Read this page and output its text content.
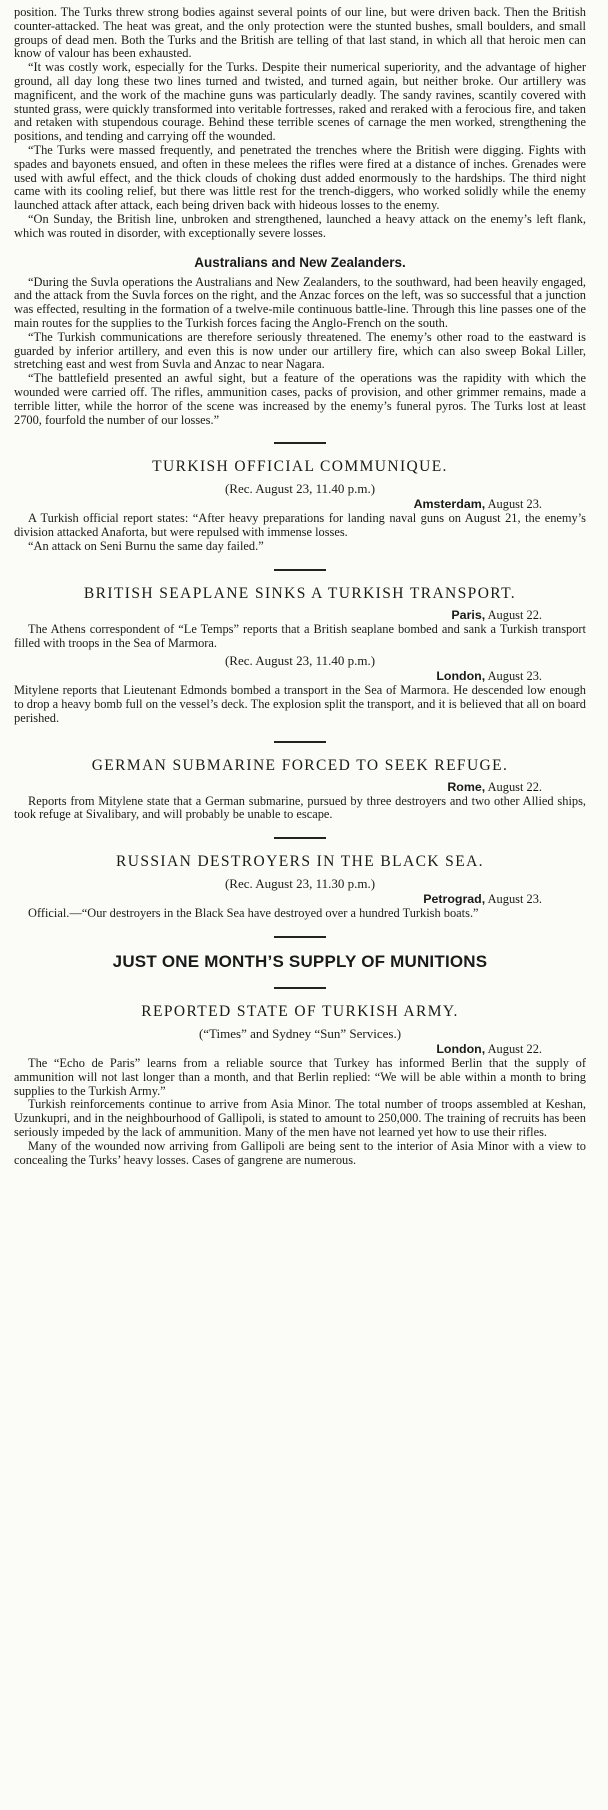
position. The Turks threw strong bodies against several points of our line, but were driven back. Then the British counter-attacked. The heat was great, and the only protection were the stunted bushes, small boulders, and small groups of dead men. Both the Turks and the British are telling of that last stand, in which all that heroic men can know of valour has been exhausted.

“It was costly work, especially for the Turks. Despite their numerical superiority, and the advantage of higher ground, all day long these two lines turned and twisted, and turned again, but neither broke. Our artillery was magnificent, and the work of the machine guns was particularly deadly. The sandy ravines, scantily covered with stunted grass, were quickly transformed into veritable fortresses, raked and reraked with a ferocious fire, and taken and retaken with stupendous courage. Behind these terrible scenes of carnage the men worked, strengthening the positions, and tending and carrying off the wounded.

“The Turks were massed frequently, and penetrated the trenches where the British were digging. Fights with spades and bayonets ensued, and often in these melees the rifles were fired at a distance of inches. Grenades were used with awful effect, and the thick clouds of choking dust added enormously to the hardships. The third night came with its cooling relief, but there was little rest for the trench-diggers, who worked solidly while the enemy launched attack after attack, each being driven back with hideous losses to the enemy.

“On Sunday, the British line, unbroken and strengthened, launched a heavy attack on the enemy’s left flank, which was routed in disorder, with exceptionally severe losses.

Australians and New Zealanders.

“During the Suvla operations the Australians and New Zealanders, to the southward, had been heavily engaged, and the attack from the Suvla forces on the right, and the Anzac forces on the left, was so successful that a junction was effected, resulting in the formation of a twelve-mile continuous battle-line. Through this line passes one of the main routes for the supplies to the Turkish forces facing the Anglo-French on the south.

“The Turkish communications are therefore seriously threatened. The enemy’s other road to the eastward is guarded by inferior artillery, and even this is now under our artillery fire, which can also sweep Bokal Liller, stretching east and west from Suvla and Anzac to near Nagara.

“The battlefield presented an awful sight, but a feature of the operations was the rapidity with which the wounded were carried off. The rifles, ammunition cases, packs of provision, and other grimmer remains, made a terrible litter, while the horror of the scene was increased by the enemy’s funeral pyros. The Turks lost at least 2700, fourfold the number of our losses.”

TURKISH OFFICIAL COMMUNIQUE.
(Rec. August 23, 11.40 p.m.)
Amsterdam, August 23.

A Turkish official report states: “After heavy preparations for landing naval guns on August 21, the enemy’s division attacked Anaforta, but were repulsed with immense losses.

“An attack on Seni Burnu the same day failed.”

BRITISH SEAPLANE SINKS A TURKISH TRANSPORT.
Paris, August 22.

The Athens correspondent of “Le Temps” reports that a British seaplane bombed and sank a Turkish transport filled with troops in the Sea of Marmora.

(Rec. August 23, 11.40 p.m.)
London, August 23.

Mitylene reports that Lieutenant Edmonds bombed a transport in the Sea of Marmora. He descended low enough to drop a heavy bomb full on the vessel’s deck. The explosion split the transport, and it is believed that all on board perished.

GERMAN SUBMARINE FORCED TO SEEK REFUGE.
Rome, August 22.

Reports from Mitylene state that a German submarine, pursued by three destroyers and two other Allied ships, took refuge at Sivalibary, and will probably be unable to escape.

RUSSIAN DESTROYERS IN THE BLACK SEA.
(Rec. August 23, 11.30 p.m.)
Petrograd, August 23.

Official.—“Our destroyers in the Black Sea have destroyed over a hundred Turkish boats.”

JUST ONE MONTH’S SUPPLY OF MUNITIONS
REPORTED STATE OF TURKISH ARMY.
(“Times” and Sydney “Sun” Services.)
London, August 22.

The “Echo de Paris” learns from a reliable source that Turkey has informed Berlin that the supply of ammunition will not last longer than a month, and that Berlin replied: “We will be able within a month to bring supplies to the Turkish Army.”

Turkish reinforcements continue to arrive from Asia Minor. The total number of troops assembled at Keshan, Uzunkupri, and in the neighbourhood of Gallipoli, is stated to amount to 250,000. The training of recruits has been seriously impeded by the lack of ammunition. Many of the men have not learned yet how to use their rifles.

Many of the wounded now arriving from Gallipoli are being sent to the interior of Asia Minor with a view to concealing the Turks’ heavy losses. Cases of gangrene are numerous.
